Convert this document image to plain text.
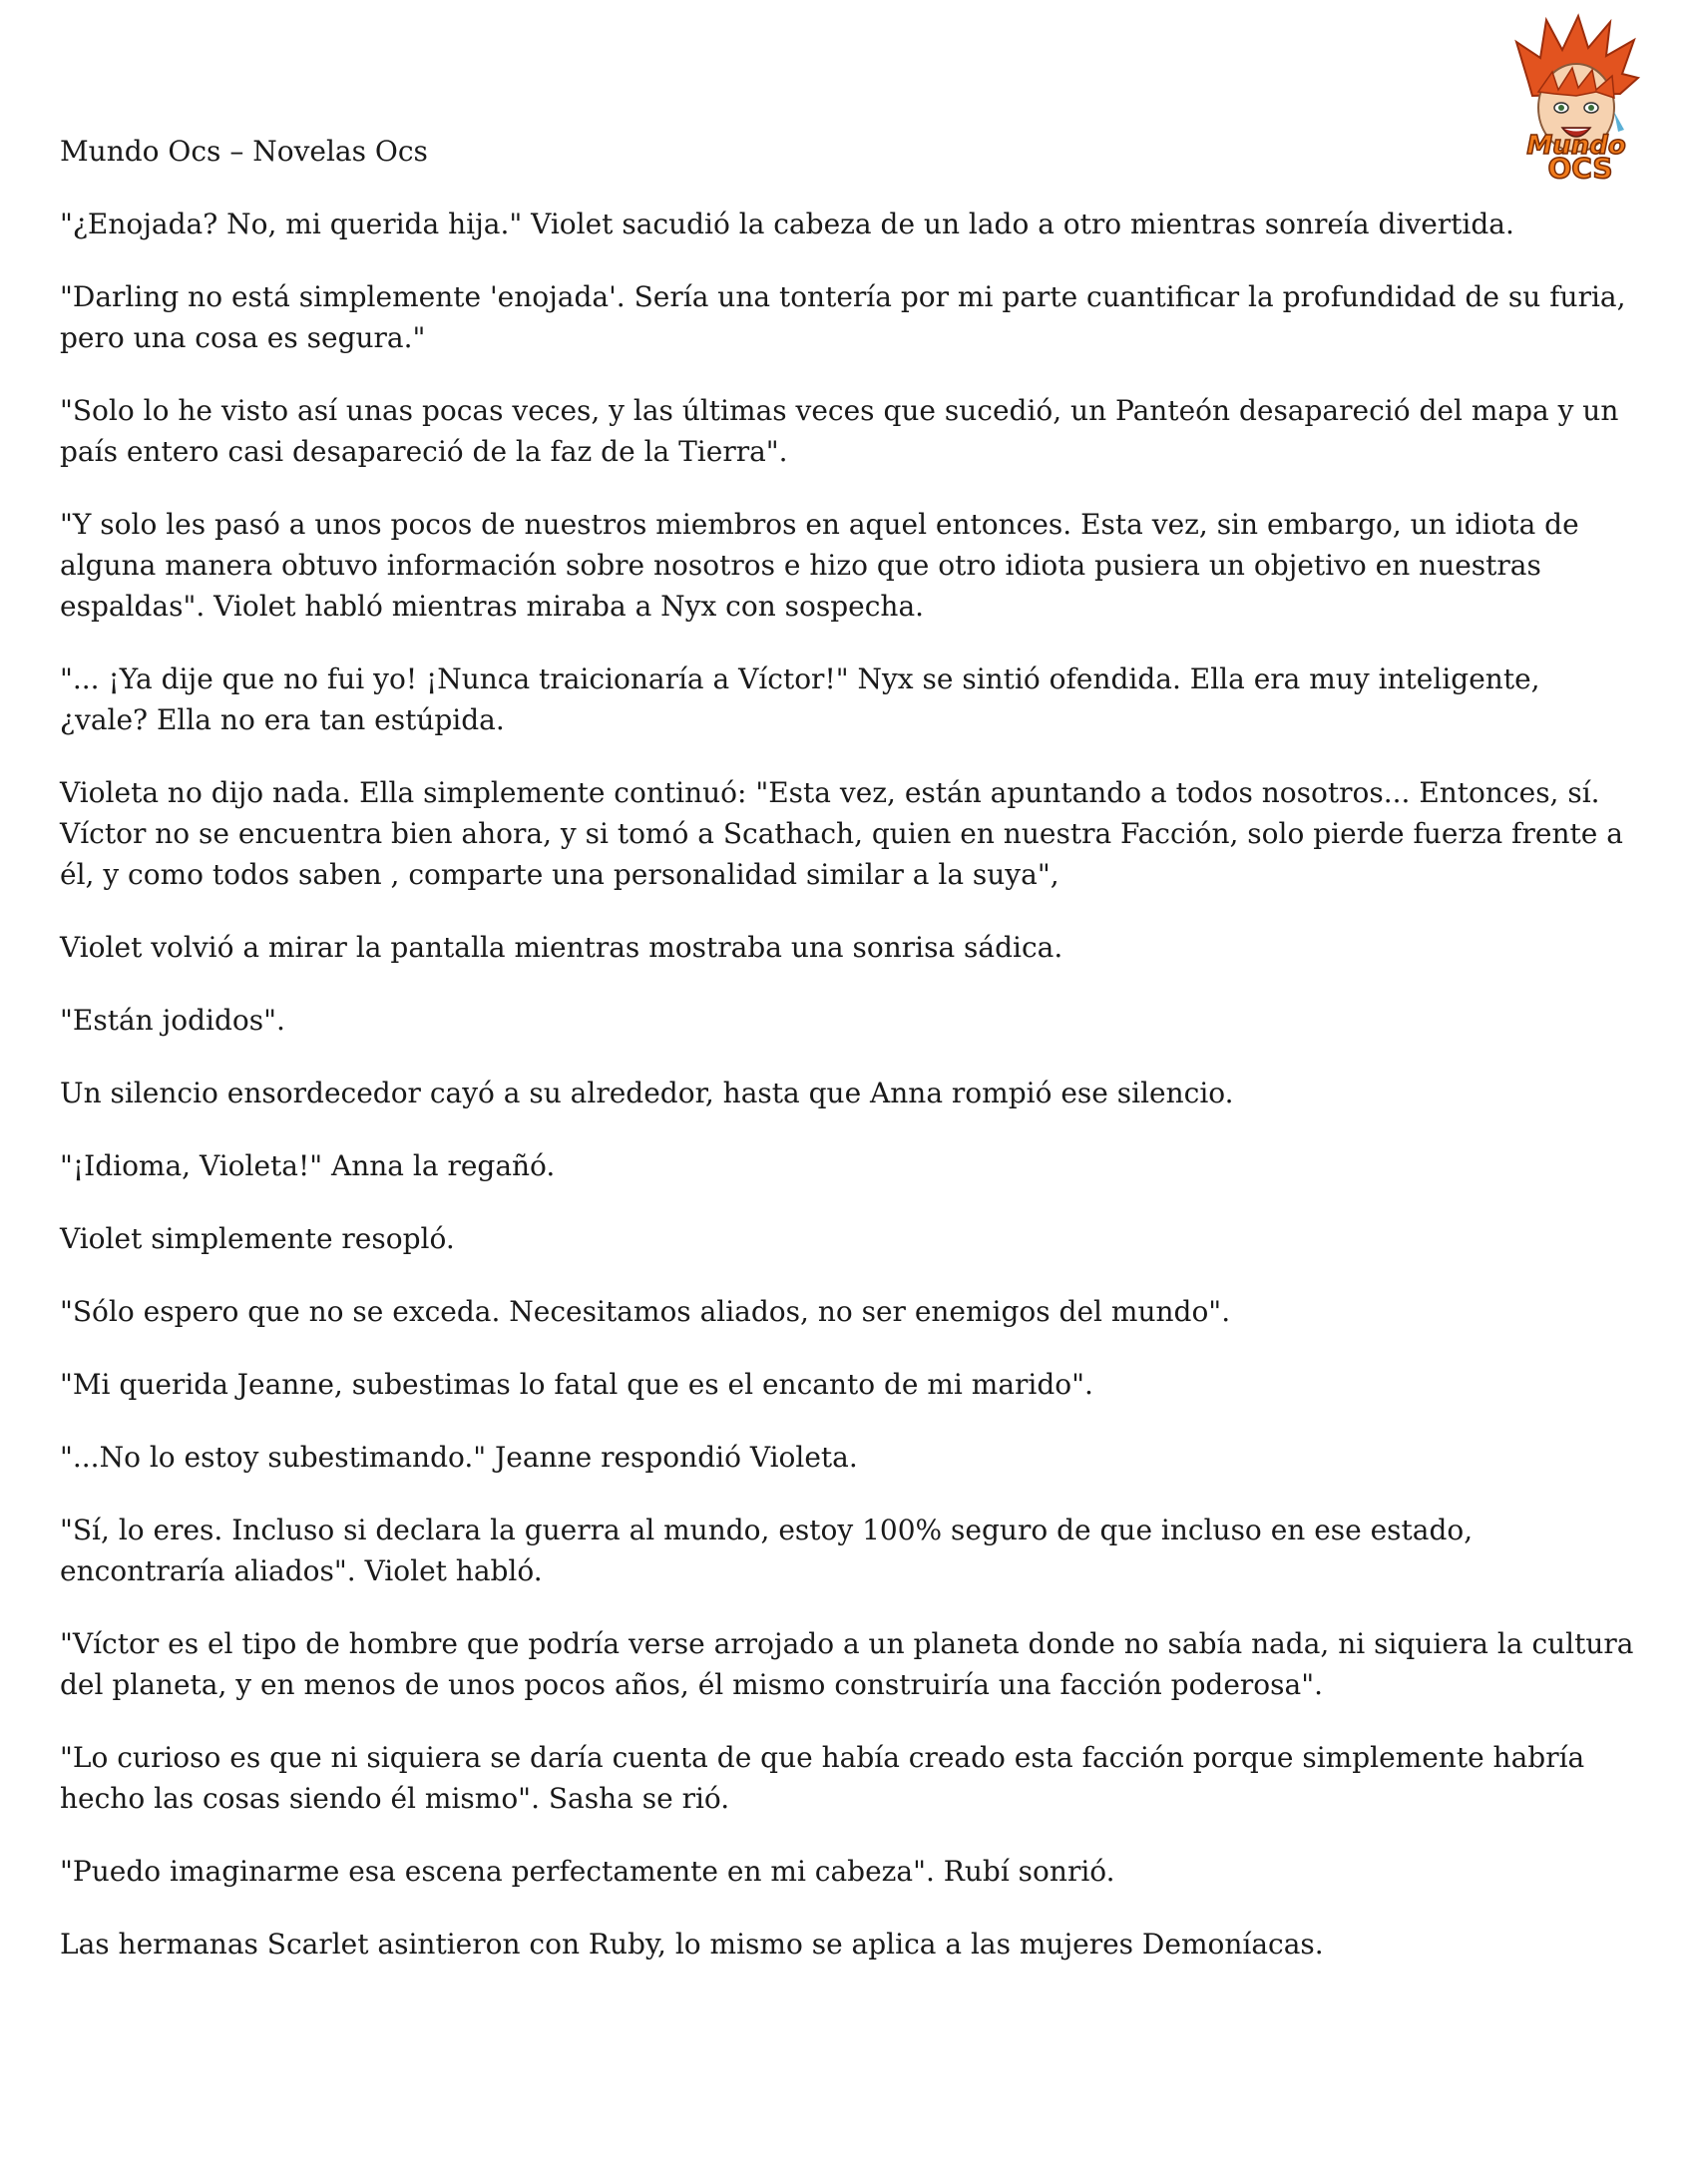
Mundo Ocs – Novelas Ocs	Mundo
OCS

"¿Enojada? No, mi querida hija." Violet sacudió la cabeza de un lado a otro mientras sonreía divertida.

"Darling no está simplemente 'enojada'. Sería una tontería por mi parte cuantificar la profundidad de su furia, pero una cosa es segura."

"Solo lo he visto así unas pocas veces, y las últimas veces que sucedió, un Panteón desapareció del mapa y un país entero casi desapareció de la faz de la Tierra".

"Y solo les pasó a unos pocos de nuestros miembros en aquel entonces. Esta vez, sin embargo, un idiota de alguna manera obtuvo información sobre nosotros e hizo que otro idiota pusiera un objetivo en nuestras espaldas". Violet habló mientras miraba a Nyx con sospecha.

"... ¡Ya dije que no fui yo! ¡Nunca traicionaría a Víctor!" Nyx se sintió ofendida. Ella era muy inteligente, ¿vale? Ella no era tan estúpida.

Violeta no dijo nada. Ella simplemente continuó: "Esta vez, están apuntando a todos nosotros... Entonces, sí. Víctor no se encuentra bien ahora, y si tomó a Scathach, quien en nuestra Facción, solo pierde fuerza frente a él, y como todos saben , comparte una personalidad similar a la suya",

Violet volvió a mirar la pantalla mientras mostraba una sonrisa sádica.

"Están jodidos".

Un silencio ensordecedor cayó a su alrededor, hasta que Anna rompió ese silencio.

"¡Idioma, Violeta!" Anna la regañó.

Violet simplemente resopló.

"Sólo espero que no se exceda. Necesitamos aliados, no ser enemigos del mundo".

"Mi querida Jeanne, subestimas lo fatal que es el encanto de mi marido".

"...No lo estoy subestimando." Jeanne respondió Violeta.

"Sí, lo eres. Incluso si declara la guerra al mundo, estoy 100% seguro de que incluso en ese estado, encontraría aliados". Violet habló.

"Víctor es el tipo de hombre que podría verse arrojado a un planeta donde no sabía nada, ni siquiera la cultura del planeta, y en menos de unos pocos años, él mismo construiría una facción poderosa".

"Lo curioso es que ni siquiera se daría cuenta de que había creado esta facción porque simplemente habría hecho las cosas siendo él mismo". Sasha se rió.

"Puedo imaginarme esa escena perfectamente en mi cabeza". Rubí sonrió.

Las hermanas Scarlet asintieron con Ruby, lo mismo se aplica a las mujeres Demoníacas.
